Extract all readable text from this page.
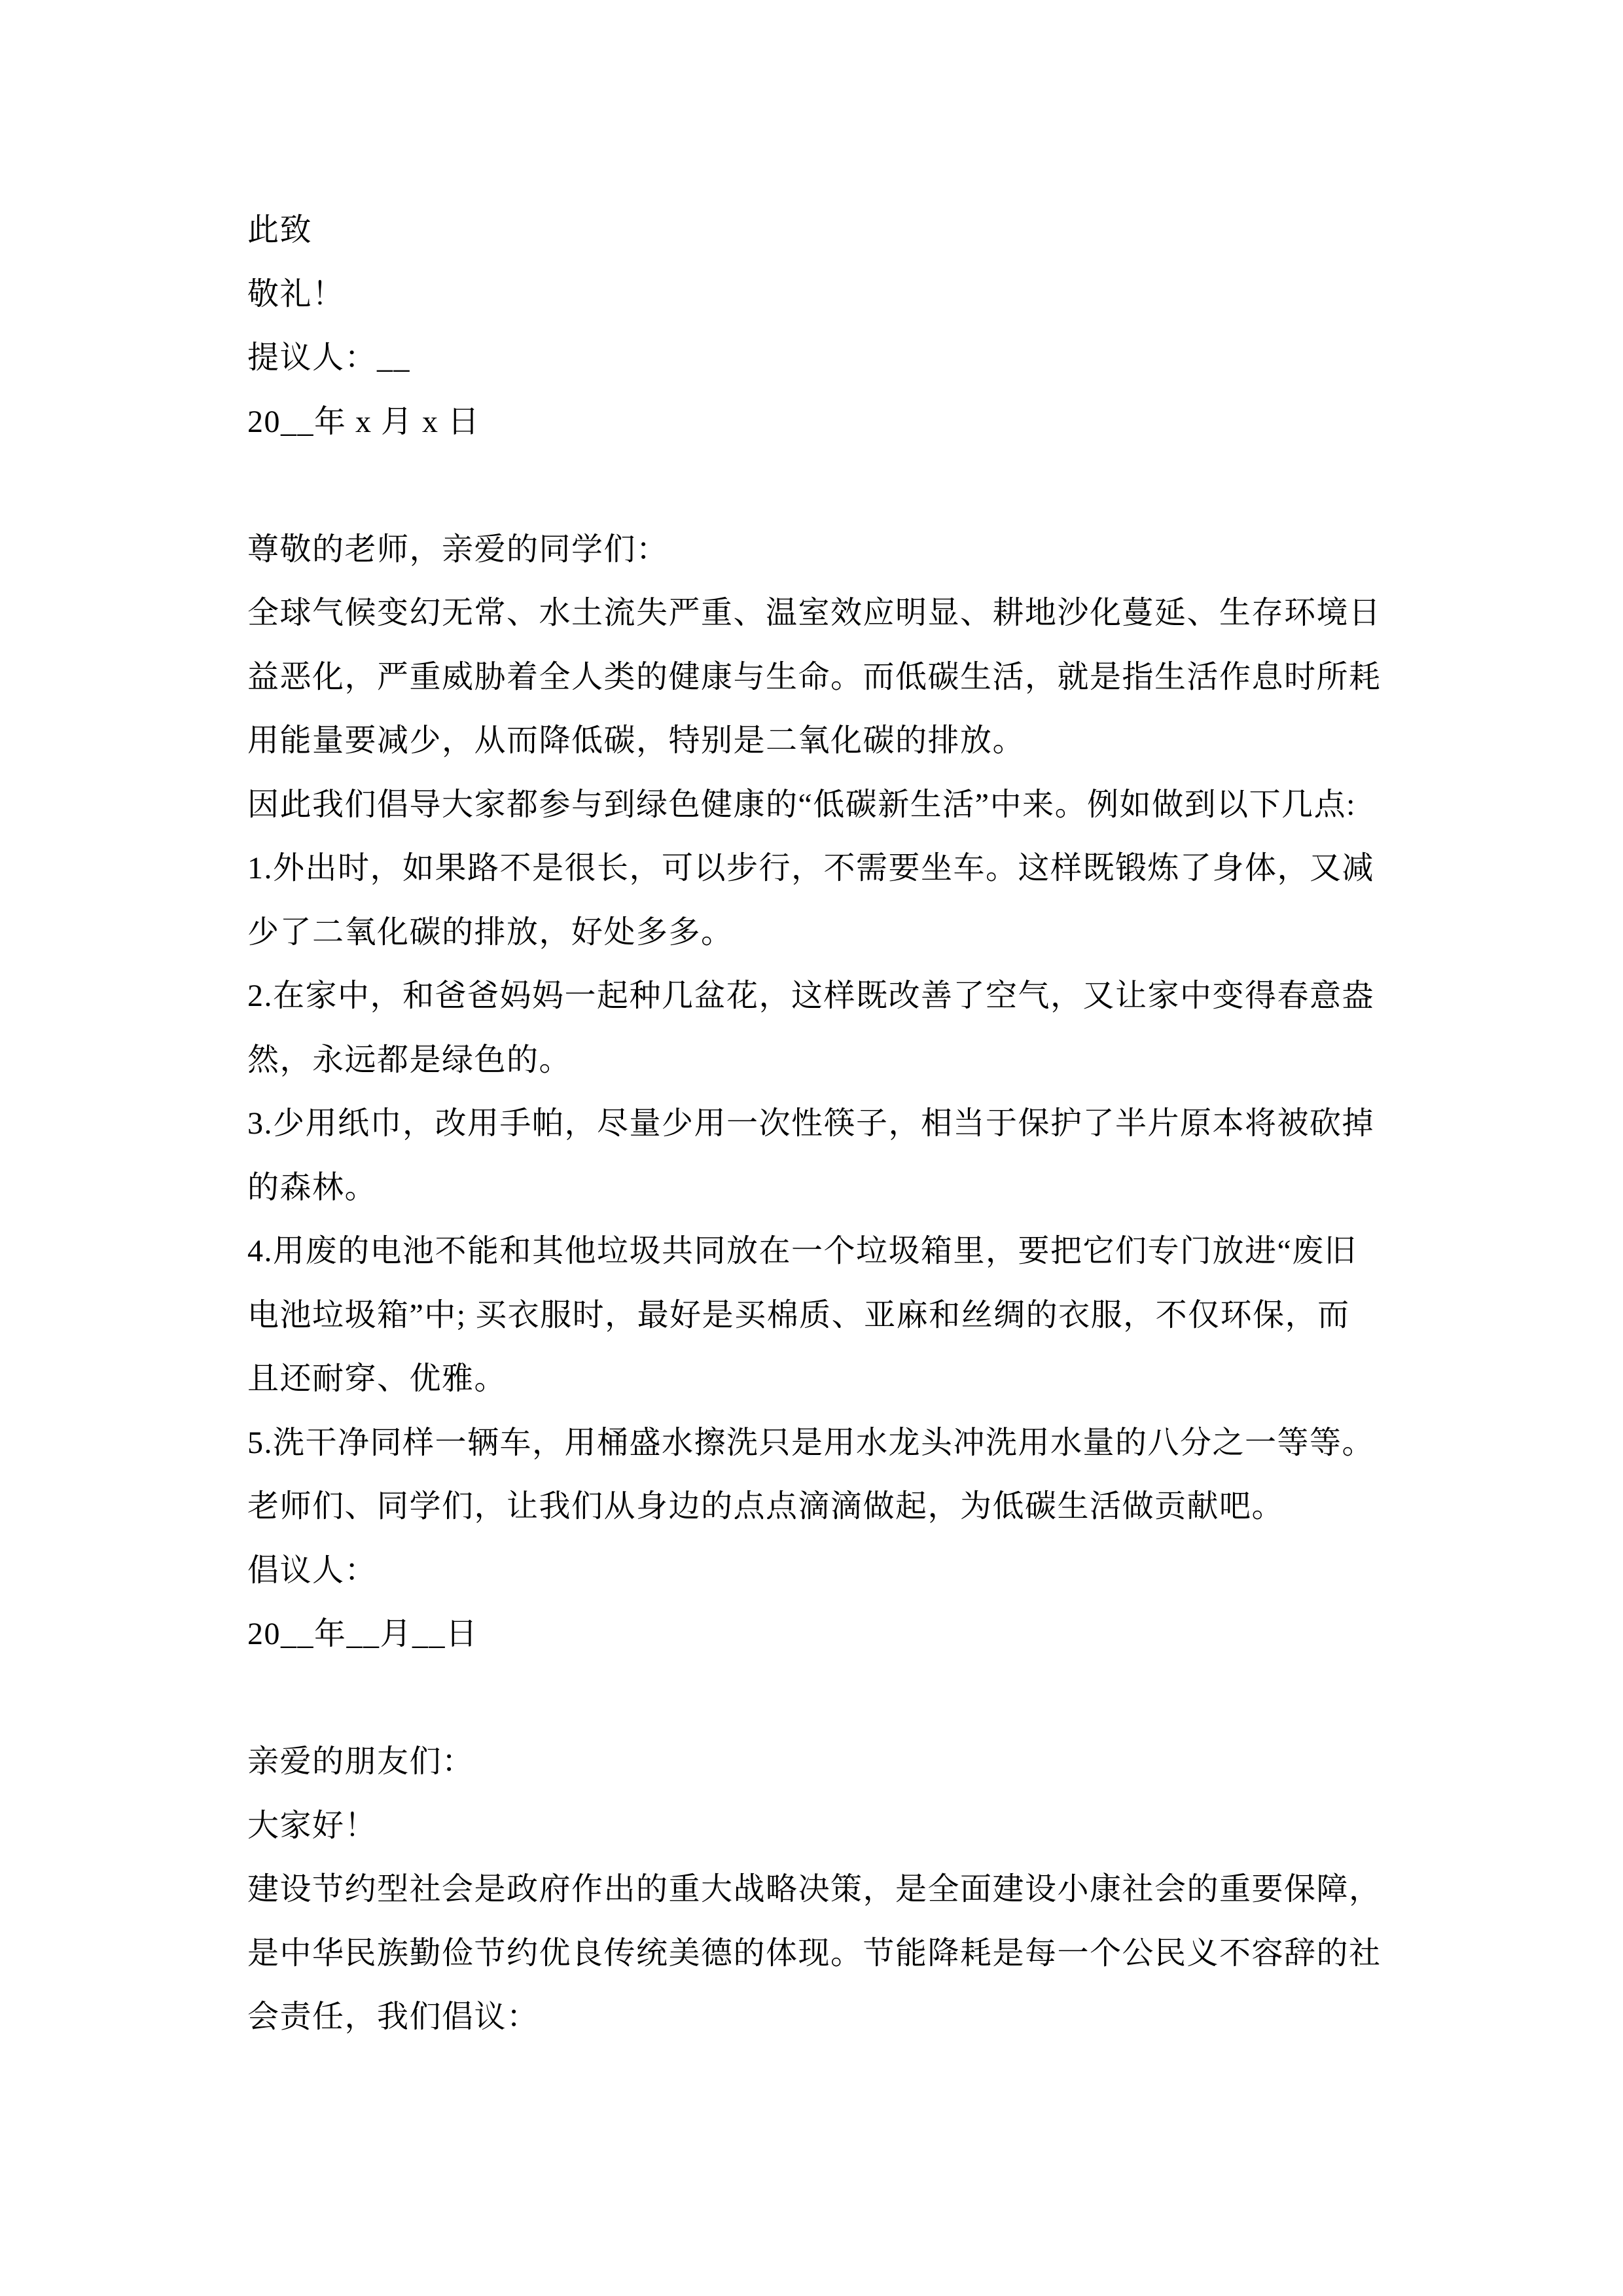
此致
敬礼！
提议人：__
20__年 x 月 x 日
尊敬的老师，亲爱的同学们：
全球气候变幻无常、水土流失严重、温室效应明显、耕地沙化蔓延、生存环境日
益恶化，严重威胁着全人类的健康与生命。而低碳生活，就是指生活作息时所耗
用能量要减少，从而降低碳，特别是二氧化碳的排放。
因此我们倡导大家都参与到绿色健康的“低碳新生活”中来。例如做到以下几点:
1.外出时，如果路不是很长，可以步行，不需要坐车。这样既锻炼了身体，又减
少了二氧化碳的排放，好处多多。
2.在家中，和爸爸妈妈一起种几盆花，这样既改善了空气，又让家中变得春意盎
然，永远都是绿色的。
3.少用纸巾，改用手帕，尽量少用一次性筷子，相当于保护了半片原本将被砍掉
的森林。
4.用废的电池不能和其他垃圾共同放在一个垃圾箱里，要把它们专门放进“废旧
电池垃圾箱”中; 买衣服时，最好是买棉质、亚麻和丝绸的衣服，不仅环保，而
且还耐穿、优雅。
5.洗干净同样一辆车，用桶盛水擦洗只是用水龙头冲洗用水量的八分之一等等。
老师们、同学们，让我们从身边的点点滴滴做起，为低碳生活做贡献吧。
倡议人：
20__年__月__日
亲爱的朋友们：
大家好！
建设节约型社会是政府作出的重大战略决策，是全面建设小康社会的重要保障，
是中华民族勤俭节约优良传统美德的体现。节能降耗是每一个公民义不容辞的社
会责任，我们倡议：
